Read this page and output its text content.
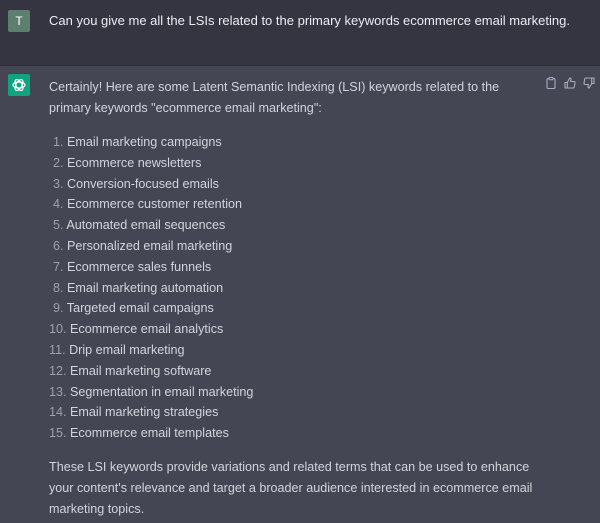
T	Can you give me all the LSIs related to the primary keywords ecommerce email marketing.
Certainly! Here are some Latent Semantic Indexing (LSI) keywords related to the primary keywords "ecommerce email marketing":
1. Email marketing campaigns
2. Ecommerce newsletters
3. Conversion-focused emails
4. Ecommerce customer retention
5. Automated email sequences
6. Personalized email marketing
7. Ecommerce sales funnels
8. Email marketing automation
9. Targeted email campaigns
10. Ecommerce email analytics
11. Drip email marketing
12. Email marketing software
13. Segmentation in email marketing
14. Email marketing strategies
15. Ecommerce email templates
These LSI keywords provide variations and related terms that can be used to enhance your content's relevance and target a broader audience interested in ecommerce email marketing topics.
